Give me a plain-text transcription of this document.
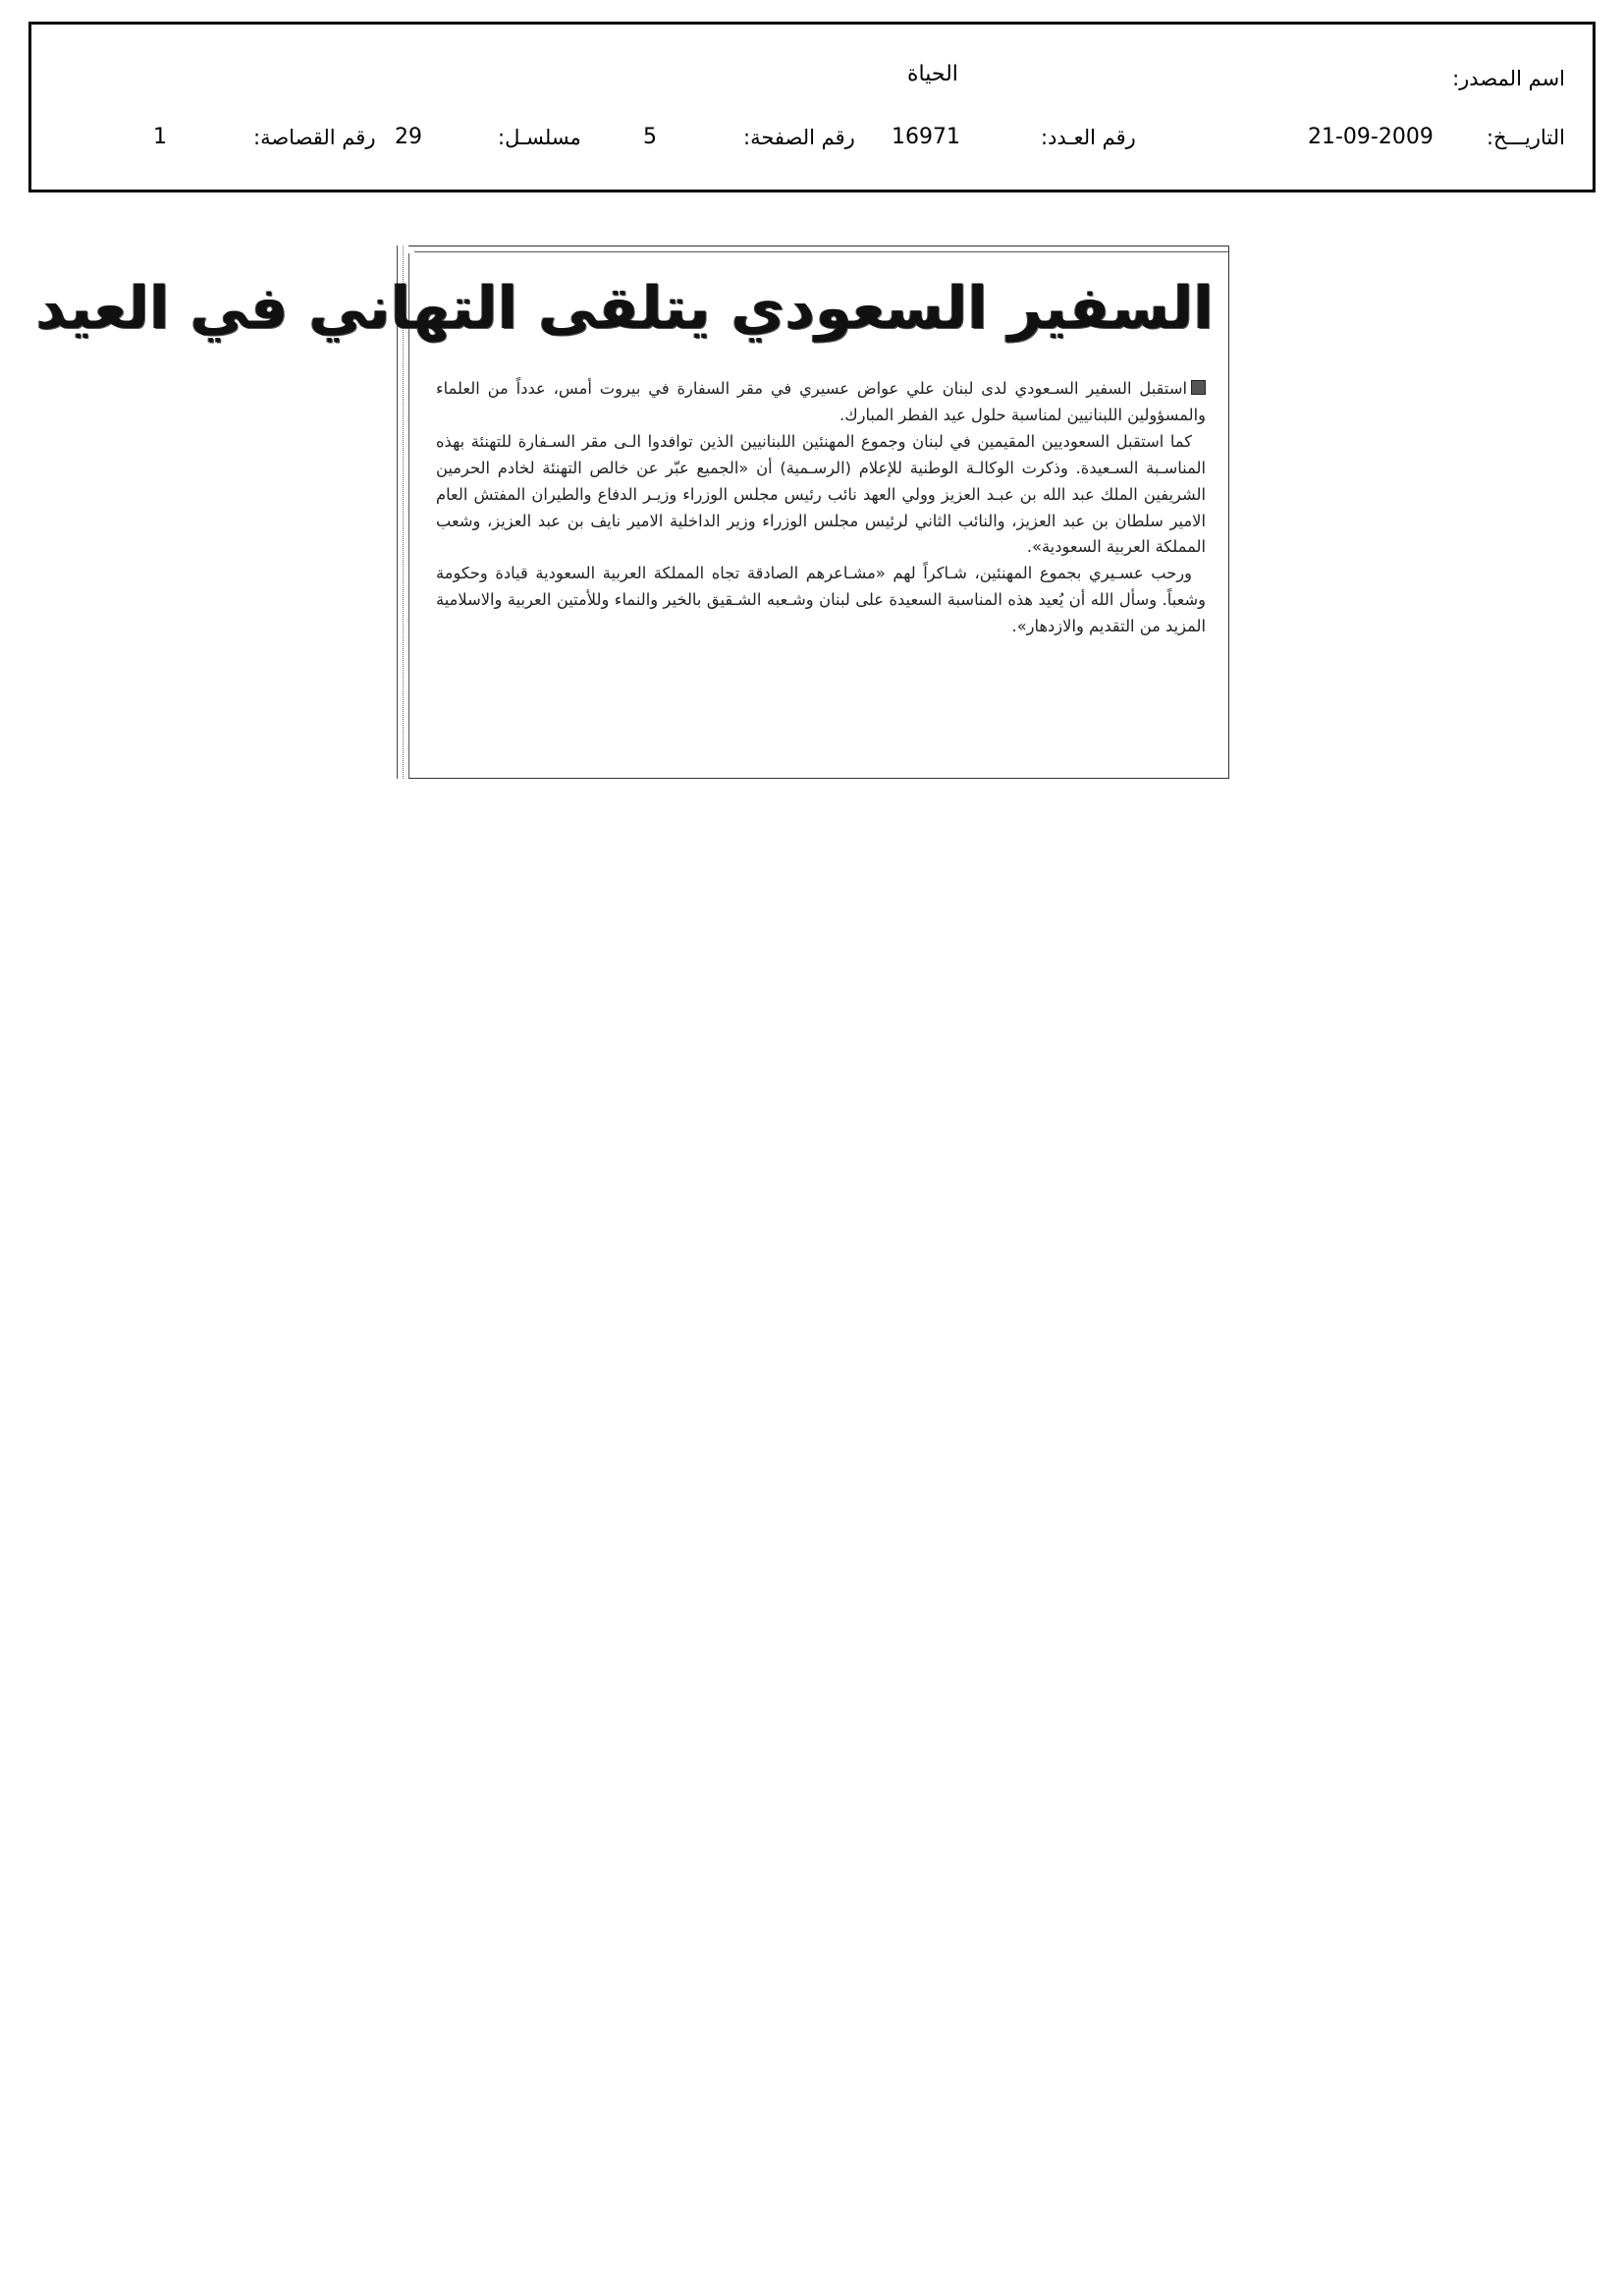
اسم المصدر:
الحياة
التاريـــخ:
21-09-2009
رقم العـدد:
16971
رقم الصفحة:
5
مسلسـل:
29
رقم القصاصة:
1
السفير السعودي يتلقى التهاني في العيد

استقبل السفير السـعودي لدى لبنان علي عواض عسيري في مقر السفارة في بيروت أمس، عدداً من العلماء والمسؤولين اللبنانيين لمناسبة حلول عيد الفطر المبارك.

كما استقبل السعوديين المقيمين في لبنان وجموع المهنئين اللبنانيين الذين توافدوا الـى مقر السـفارة للتهنئة بهذه المناسـبة السـعيدة. وذكرت الوكالـة الوطنية للإعلام (الرسـمية) أن «الجميع عبّر عن خالص التهنئة لخادم الحرمين الشريفين الملك عبد الله بن عبـد العزيز وولي العهد نائب رئيس مجلس الوزراء وزيـر الدفاع والطيران المفتش العام الامير سلطان بن عبد العزيز، والنائب الثاني لرئيس مجلس الوزراء وزير الداخلية الامير نايف بن عبد العزيز، وشعب المملكة العربية السعودية».

ورحب عسـيري بجموع المهنئين، شـاكراً لهم «مشـاعرهم الصادقة تجاه المملكة العربية السعودية قيادة وحكومة وشعباً. وسأل الله أن يُعيد هذه المناسبة السعيدة على لبنان وشـعبه الشـقيق بالخير والنماء وللأمتين العربية والاسلامية المزيد من التقديم والازدهار».
